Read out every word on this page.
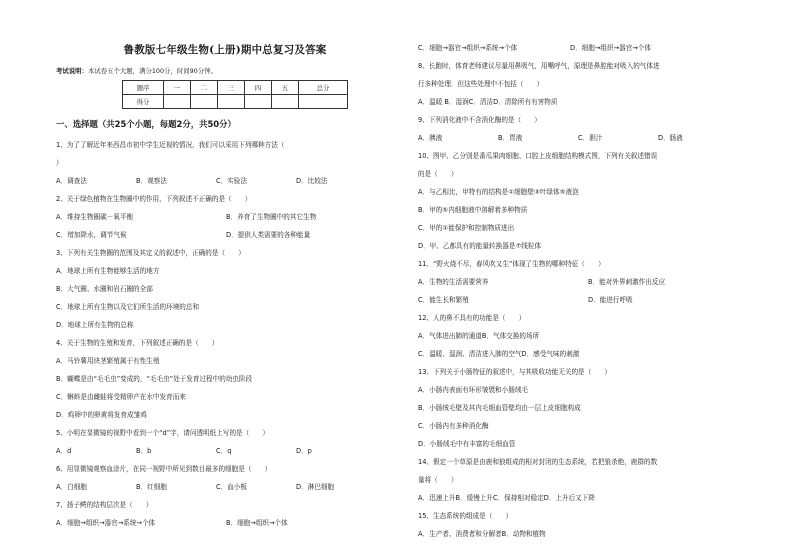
鲁教版七年级生物(上册)期中总复习及答案
考试说明：本试卷五个大题，满分100分，时间90分钟。
题序	一	二	三	四	五	总分
得分						
一、选择题（共25个小题，每题2分，共50分）
1、为了了解近年来西昌市初中学生近视的情况，我们可以采用下列哪种方法（
）
A．调查法	B．观察法	C．实验法	D．比较法
2、关于绿色植物在生物圈中的作用，下列叙述不正确的是（　　）
A．维持生物圈碳－氧平衡	B．养育了生物圈中的其它生物
C．增加降水，调节气候	D．提供人类需要的各种能量
3、下列有关生物圈的范围及其定义的叙述中，正确的是（　　）
A．地球上所有生物能够生活的地方
B．大气圈、水圈和岩石圈的全部
C．地球上所有生物以及它们所生活的环境的总和
D．地球上所有生物的总称
4、关于生物的生殖和发育，下列叙述正确的是（　　）
A．马铃薯用块茎繁殖属于有性生殖
B．蝴蝶是由“毛毛虫”变成的，“毛毛虫”处于发育过程中的幼虫阶段
C．蝌蚪是由雌蛙将受精卵产在水中发育而来
D．鸡卵中的卵黄将发育成雏鸡
5、小明在显微镜的视野中看到一个“d”字，请问透明纸上写的是（　　）
A．d	B．b	C．q	D．p
6、用显微镜观察血涂片，在同一视野中所见到数目最多的细胞是（　　）
A．白细胞	B．红细胞	C．血小板	D．淋巴细胞
7、扬子鳄的结构层次是（　　）
A．细胞→组织→器官→系统→个体	B．细胞→组织→个体
C．细胞→器官→组织→系统→个体	D．细胞→组织→器官→个体
8、长跑时，体育老师建议尽量用鼻吸气，用嘴呼气，原理是鼻腔能对吸入的气体进
行多种处理．但这些处理中不包括（　　）
A．温暖 B．湿润C．清洁D．清除所有有害物质
9、下列消化液中不含消化酶的是（　　）
A．胰液	B．胃液	C．胆汁	D．肠液
10、图甲、乙分别是番瓜果肉细胞、口腔上皮细胞结构模式图，下列有关叙述错误
的是（　　）
A．与乙相比，甲特有的结构是①细胞壁③叶绿体⑤液泡
B．甲的⑤内细胞液中溶解着多种物质
C．甲的①能保护和控制物质进出
D．甲、乙都具有的能量转换器是⑦线粒体
11、“野火烧不尽，春风吹又生”体现了生物的哪种特征（　　）
A．生物的生活需要营养	B．能对外界刺激作出反应
C．能生长和繁殖	D．能进行呼吸
12、人的鼻不具有的功能是（　　）
A．气体进出肺的通道B．气体交换的场所
C．温暖、湿润、清洁进入肺的空气D．感受气味的刺激
13、下列关于小肠特征的叙述中，与其吸收功能无关的是（　　）
A．小肠内表面有环形皱襞和小肠绒毛
B．小肠绒毛壁及其内毛细血管壁均由一层上皮细胞构成
C．小肠内有多种消化酶
D．小肠绒毛中有丰富的毛细血管
14、假定一个草原是由鹿和狼组成的相对封闭的生态系统，若把狼杀绝，鹿群的数
量将（　　）
A．迅速上升B．缓慢上升C．保持相对稳定D．上升后又下降
15、生态系统的组成是（　　）
A．生产者、消费者和分解者B．动物和植物
